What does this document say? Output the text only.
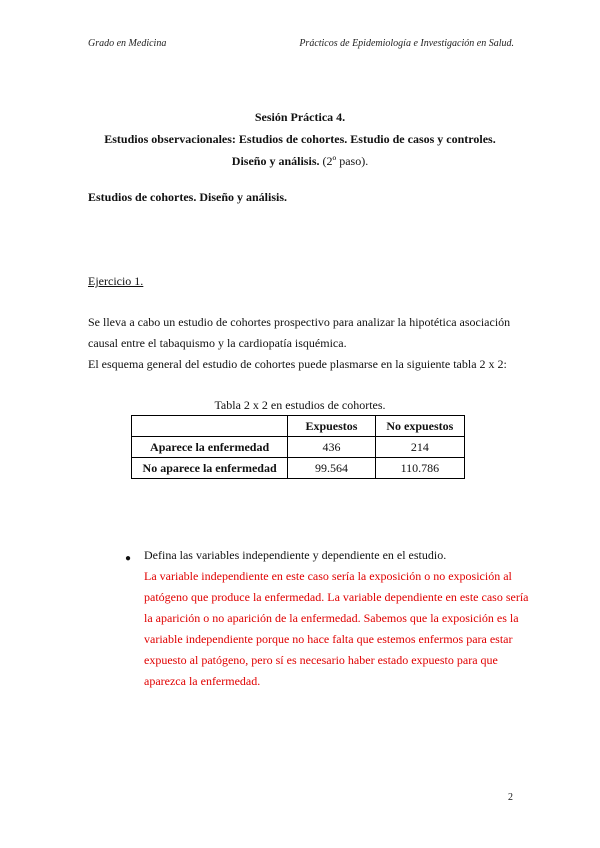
Grado en Medicina	Prácticos de Epidemiología e Investigación en Salud.
Sesión Práctica 4.
Estudios observacionales: Estudios de cohortes. Estudio de casos y controles.
Diseño y análisis. (2º paso).
Estudios de cohortes. Diseño y análisis.
Ejercicio 1.
Se lleva a cabo un estudio de cohortes prospectivo para analizar la hipotética asociación causal entre el tabaquismo y la cardiopatía isquémica.
El esquema general del estudio de cohortes puede plasmarse en la siguiente tabla 2 x 2:
Tabla 2 x 2 en estudios de cohortes.
	Expuestos	No expuestos
Aparece la enfermedad	436	214
No aparece la enfermedad	99.564	110.786
● Defina las variables independiente y dependiente en el estudio.
La variable independiente en este caso sería la exposición o no exposición al patógeno que produce la enfermedad. La variable dependiente en este caso sería la aparición o no aparición de la enfermedad. Sabemos que la exposición es la variable independiente porque no hace falta que estemos enfermos para estar expuesto al patógeno, pero sí es necesario haber estado expuesto para que aparezca la enfermedad.
2
